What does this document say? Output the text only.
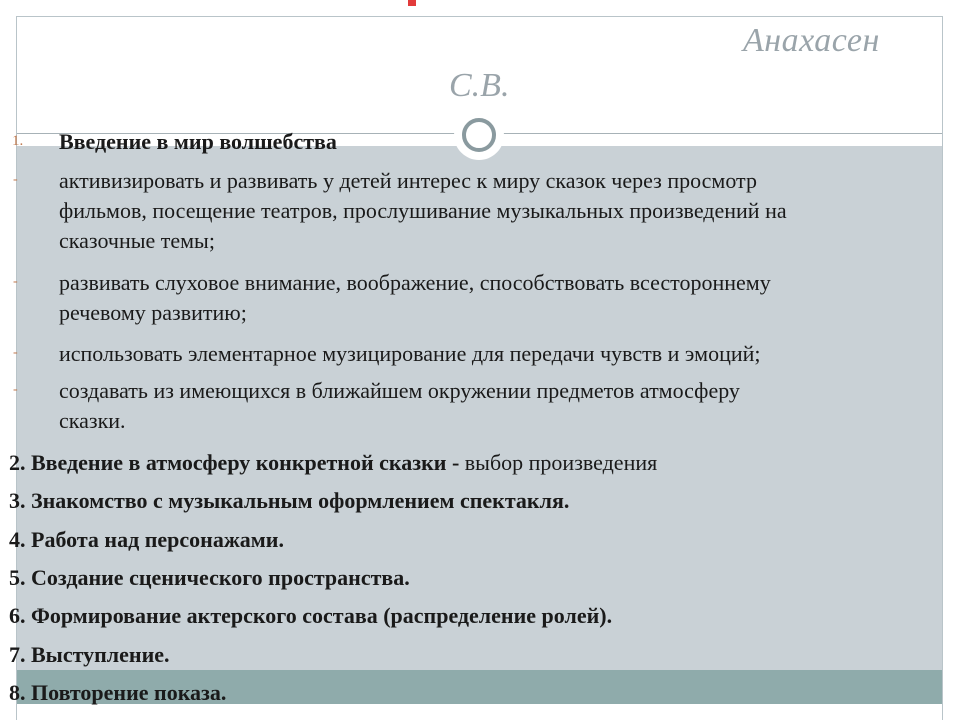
Анахасен
С.В.
1. Введение в мир волшебства
- активизировать и развивать у детей интерес к миру сказок через просмотр
фильмов, посещение театров, прослушивание музыкальных произведений на
сказочные темы;
- развивать слуховое внимание, воображение, способствовать всестороннему
речевому развитию;
- использовать элементарное музицирование для передачи чувств и эмоций;
- создавать из имеющихся в ближайшем окружении предметов атмосферу
сказки.
2. Введение в атмосферу конкретной сказки - выбор произведения
3. Знакомство с музыкальным оформлением спектакля.
4. Работа над персонажами.
5. Создание сценического пространства.
6. Формирование актерского состава (распределение ролей).
7. Выступление.
8. Повторение показа.
